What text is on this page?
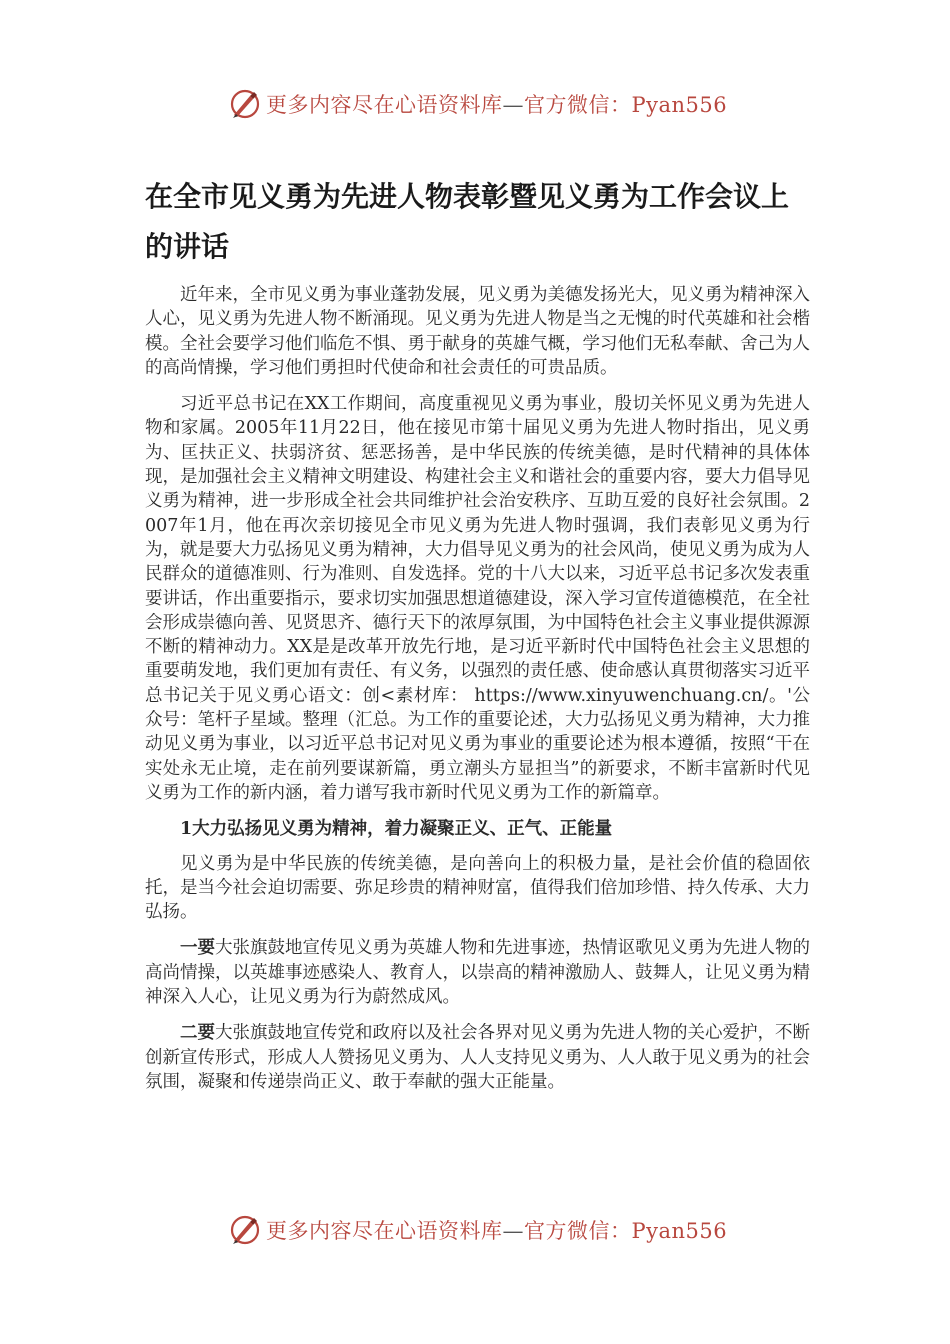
更多内容尽在心语资料库—官方微信：Pyan556
在全市见义勇为先进人物表彰暨见义勇为工作会议上的讲话

近年来，全市见义勇为事业蓬勃发展，见义勇为美德发扬光大，见义勇为精神深入人心，见义勇为先进人物不断涌现。见义勇为先进人物是当之无愧的时代英雄和社会楷模。全社会要学习他们临危不惧、勇于献身的英雄气概，学习他们无私奉献、舍己为人的高尚情操，学习他们勇担时代使命和社会责任的可贵品质。

习近平总书记在XX工作期间，高度重视见义勇为事业，殷切关怀见义勇为先进人物和家属。2005年11月22日，他在接见市第十届见义勇为先进人物时指出，见义勇为、匡扶正义、扶弱济贫、惩恶扬善，是中华民族的传统美德，是时代精神的具体体现，是加强社会主义精神文明建设、构建社会主义和谐社会的重要内容，要大力倡导见义勇为精神，进一步形成全社会共同维护社会治安秩序、互助互爱的良好社会氛围。2007年1月，他在再次亲切接见全市见义勇为先进人物时强调，我们表彰见义勇为行为，就是要大力弘扬见义勇为精神，大力倡导见义勇为的社会风尚，使见义勇为成为人民群众的道德准则、行为准则、自发选择。党的十八大以来，习近平总书记多次发表重要讲话，作出重要指示，要求切实加强思想道德建设，深入学习宣传道德模范，在全社会形成崇德向善、见贤思齐、德行天下的浓厚氛围，为中国特色社会主义事业提供源源不断的精神动力。XX是是改革开放先行地，是习近平新时代中国特色社会主义思想的重要萌发地，我们更加有责任、有义务，以强烈的责任感、使命感认真贯彻落实习近平总书记关于见义勇心语文：创<素材库： https://www.xinyuwenchuang.cn/。'公众号：笔杆子星域。整理（汇总。为工作的重要论述，大力弘扬见义勇为精神，大力推动见义勇为事业，以习近平总书记对见义勇为事业的重要论述为根本遵循，按照“干在实处永无止境，走在前列要谋新篇，勇立潮头方显担当”的新要求，不断丰富新时代见义勇为工作的新内涵，着力谱写我市新时代见义勇为工作的新篇章。

1大力弘扬见义勇为精神，着力凝聚正义、正气、正能量

见义勇为是中华民族的传统美德，是向善向上的积极力量，是社会价值的稳固依托，是当今社会迫切需要、弥足珍贵的精神财富，值得我们倍加珍惜、持久传承、大力弘扬。

一要大张旗鼓地宣传见义勇为英雄人物和先进事迹，热情讴歌见义勇为先进人物的高尚情操，以英雄事迹感染人、教育人，以崇高的精神激励人、鼓舞人，让见义勇为精神深入人心，让见义勇为行为蔚然成风。

二要大张旗鼓地宣传党和政府以及社会各界对见义勇为先进人物的关心爱护，不断创新宣传形式，形成人人赞扬见义勇为、人人支持见义勇为、人人敢于见义勇为的社会氛围，凝聚和传递崇尚正义、敢于奉献的强大正能量。

更多内容尽在心语资料库—官方微信：Pyan556
